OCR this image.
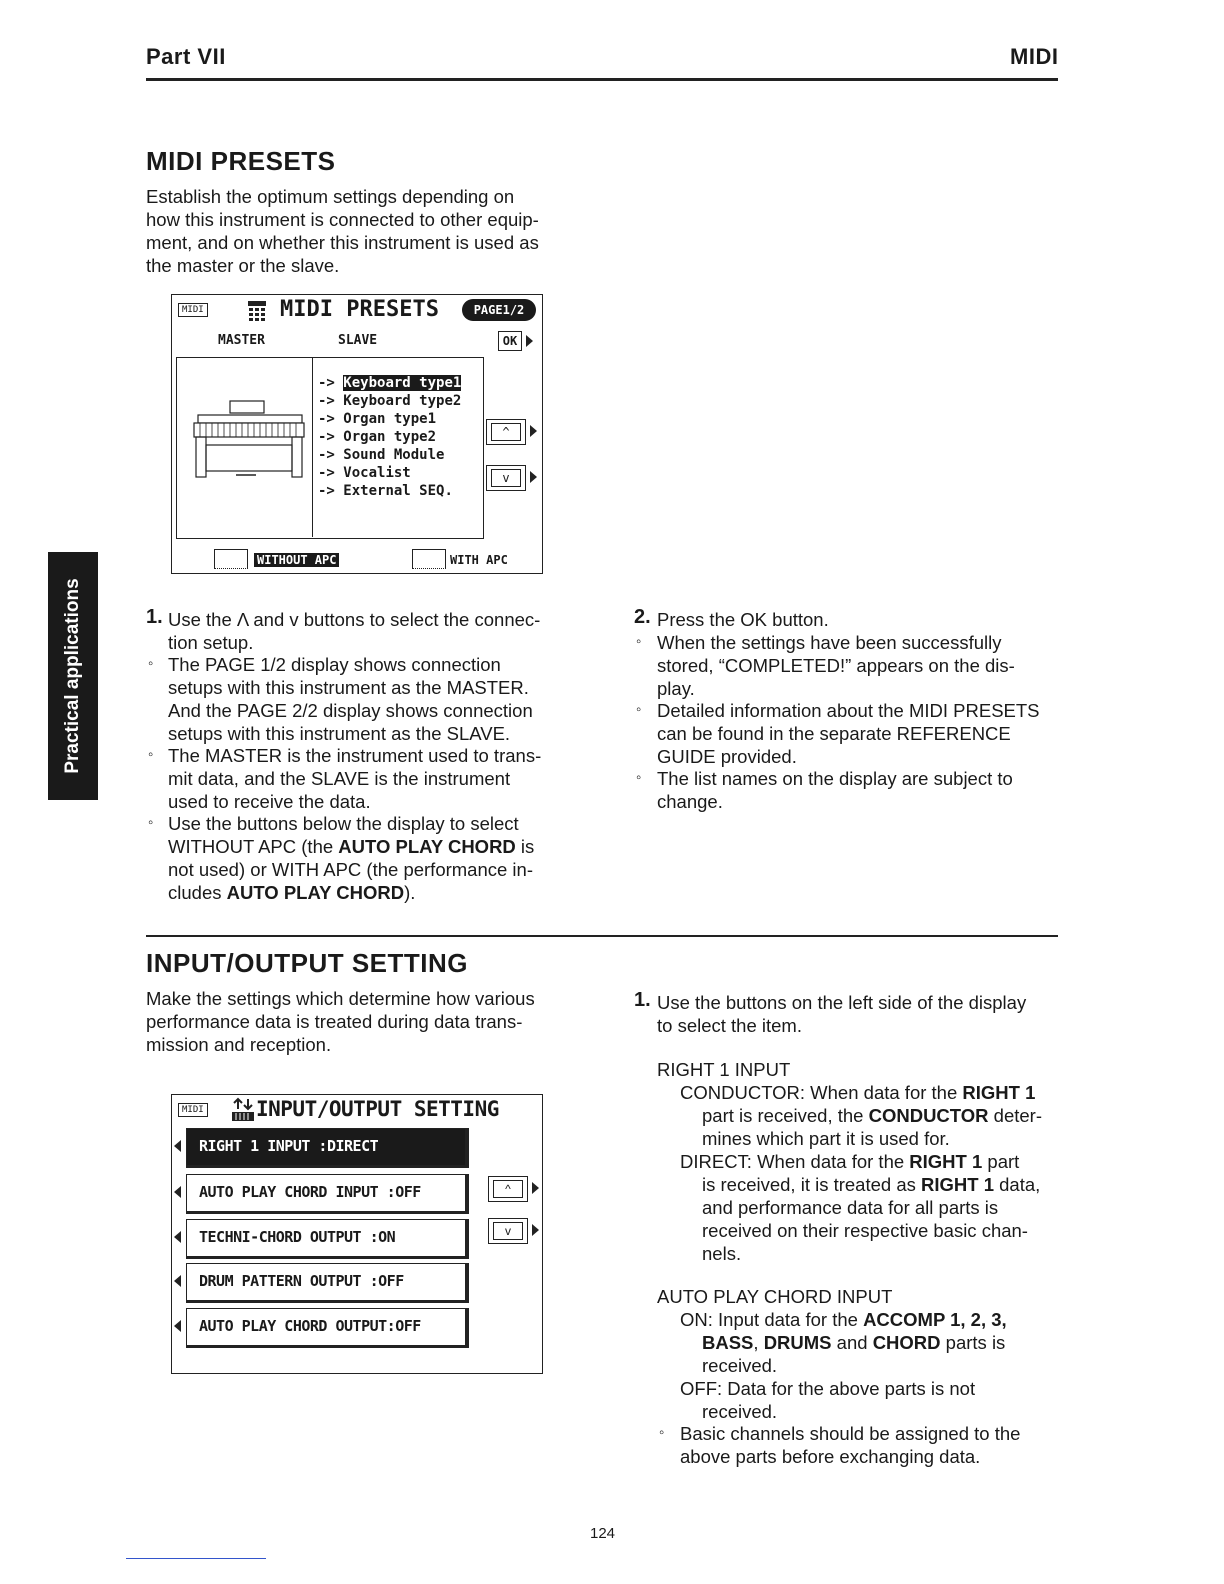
Part VII	MIDI
Practical applications
MIDI PRESETS
Establish the optimum settings depending on
how this instrument is connected to other equip-
ment, and on whether this instrument is used as
the master or the slave.
MIDI	MIDI PRESETS	PAGE1/2
MASTER	SLAVE	OK
-> Keyboard type1
-> Keyboard type2
-> Organ type1
-> Organ type2
-> Sound Module
-> Vocalist
-> External SEQ.
^
v
WITHOUT APC	WITH APC
1. Use the Λ and v buttons to select the connec-
tion setup.
◦ The PAGE 1/2 display shows connection
setups with this instrument as the MASTER.
And the PAGE 2/2 display shows connection
setups with this instrument as the SLAVE.
◦ The MASTER is the instrument used to trans-
mit data, and the SLAVE is the instrument
used to receive the data.
◦ Use the buttons below the display to select
WITHOUT APC (the AUTO PLAY CHORD is
not used) or WITH APC (the performance in-
cludes AUTO PLAY CHORD).
2. Press the OK button.
◦ When the settings have been successfully
stored, “COMPLETED!” appears on the dis-
play.
◦ Detailed information about the MIDI PRESETS
can be found in the separate REFERENCE
GUIDE provided.
◦ The list names on the display are subject to
change.
INPUT/OUTPUT SETTING
Make the settings which determine how various
performance data is treated during data trans-
mission and reception.
MIDI INPUT/OUTPUT SETTING
RIGHT 1 INPUT :DIRECT
AUTO PLAY CHORD INPUT :OFF
TECHNI-CHORD OUTPUT :ON
DRUM PATTERN OUTPUT :OFF
AUTO PLAY CHORD OUTPUT:OFF
^
v
1. Use the buttons on the left side of the display
to select the item.
RIGHT 1 INPUT
CONDUCTOR: When data for the RIGHT 1
part is received, the CONDUCTOR deter-
mines which part it is used for.
DIRECT: When data for the RIGHT 1 part
is received, it is treated as RIGHT 1 data,
and performance data for all parts is
received on their respective basic chan-
nels.
AUTO PLAY CHORD INPUT
ON: Input data for the ACCOMP 1, 2, 3,
BASS, DRUMS and CHORD parts is
received.
OFF: Data for the above parts is not
received.
◦ Basic channels should be assigned to the
above parts before exchanging data.
124
